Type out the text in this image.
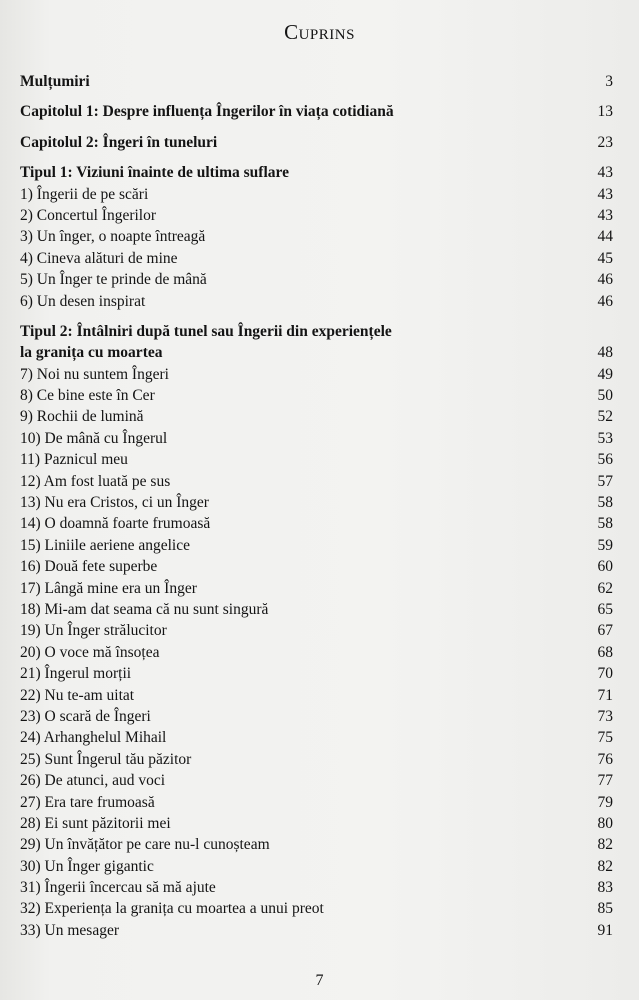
Cuprins
Mulțumiri	3
Capitolul 1: Despre influența Îngerilor în viața cotidiană	13
Capitolul 2: Îngeri în tuneluri	23
Tipul 1: Viziuni înainte de ultima suflare	43
1) Îngerii de pe scări	43
2) Concertul Îngerilor	43
3) Un înger, o noapte întreagă	44
4) Cineva alături de mine	45
5) Un Înger te prinde de mână	46
6) Un desen inspirat	46
Tipul 2: Întâlniri după tunel sau Îngerii din experiențele
la granița cu moartea	48
7) Noi nu suntem Îngeri	49
8) Ce bine este în Cer	50
9) Rochii de lumină	52
10) De mână cu Îngerul	53
11) Paznicul meu	56
12) Am fost luată pe sus	57
13) Nu era Cristos, ci un Înger	58
14) O doamnă foarte frumoasă	58
15) Liniile aeriene angelice	59
16) Două fete superbe	60
17) Lângă mine era un Înger	62
18) Mi-am dat seama că nu sunt singură	65
19) Un Înger strălucitor	67
20) O voce mă însoțea	68
21) Îngerul morții	70
22) Nu te-am uitat	71
23) O scară de Îngeri	73
24) Arhanghelul Mihail	75
25) Sunt Îngerul tău păzitor	76
26) De atunci, aud voci	77
27) Era tare frumoasă	79
28) Ei sunt păzitorii mei	80
29) Un învățător pe care nu-l cunoșteam	82
30) Un Înger gigantic	82
31) Îngerii încercau să mă ajute	83
32) Experiența la granița cu moartea a unui preot	85
33) Un mesager	91
7
